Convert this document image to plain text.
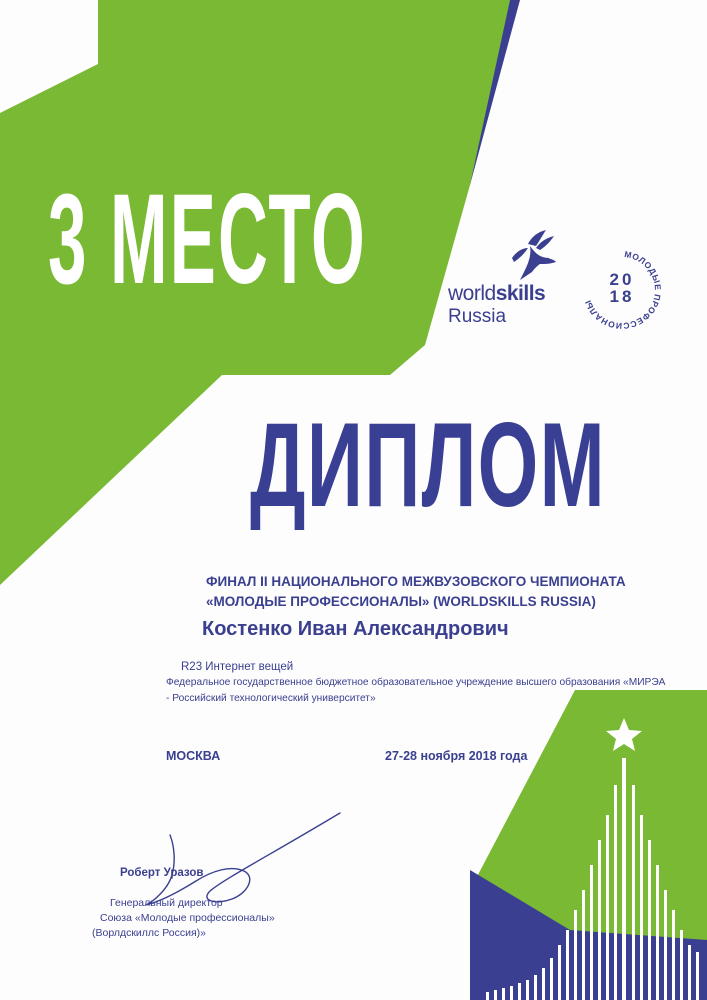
3 МЕСТО	worldskills
Russia
МОЛОДЫЕ ПРОФЕССИОНАЛЫ
20
18
ДИПЛОМ
ФИНАЛ II НАЦИОНАЛЬНОГО МЕЖВУЗОВСКОГО ЧЕМПИОНАТА
«МОЛОДЫЕ ПРОФЕССИОНАЛЫ» (WORLDSKILLS RUSSIA)
Костенко Иван Александрович
R23 Интернет вещей
Федеральное государственное бюджетное образовательное учреждение высшего образования «МИРЭА
- Российский технологический университет»
МОСКВА	27-28 ноября 2018 года
Роберт Уразов
Генеральный директор
Союза «Молодые профессионалы»
(Ворлдскиллс Россия)»
